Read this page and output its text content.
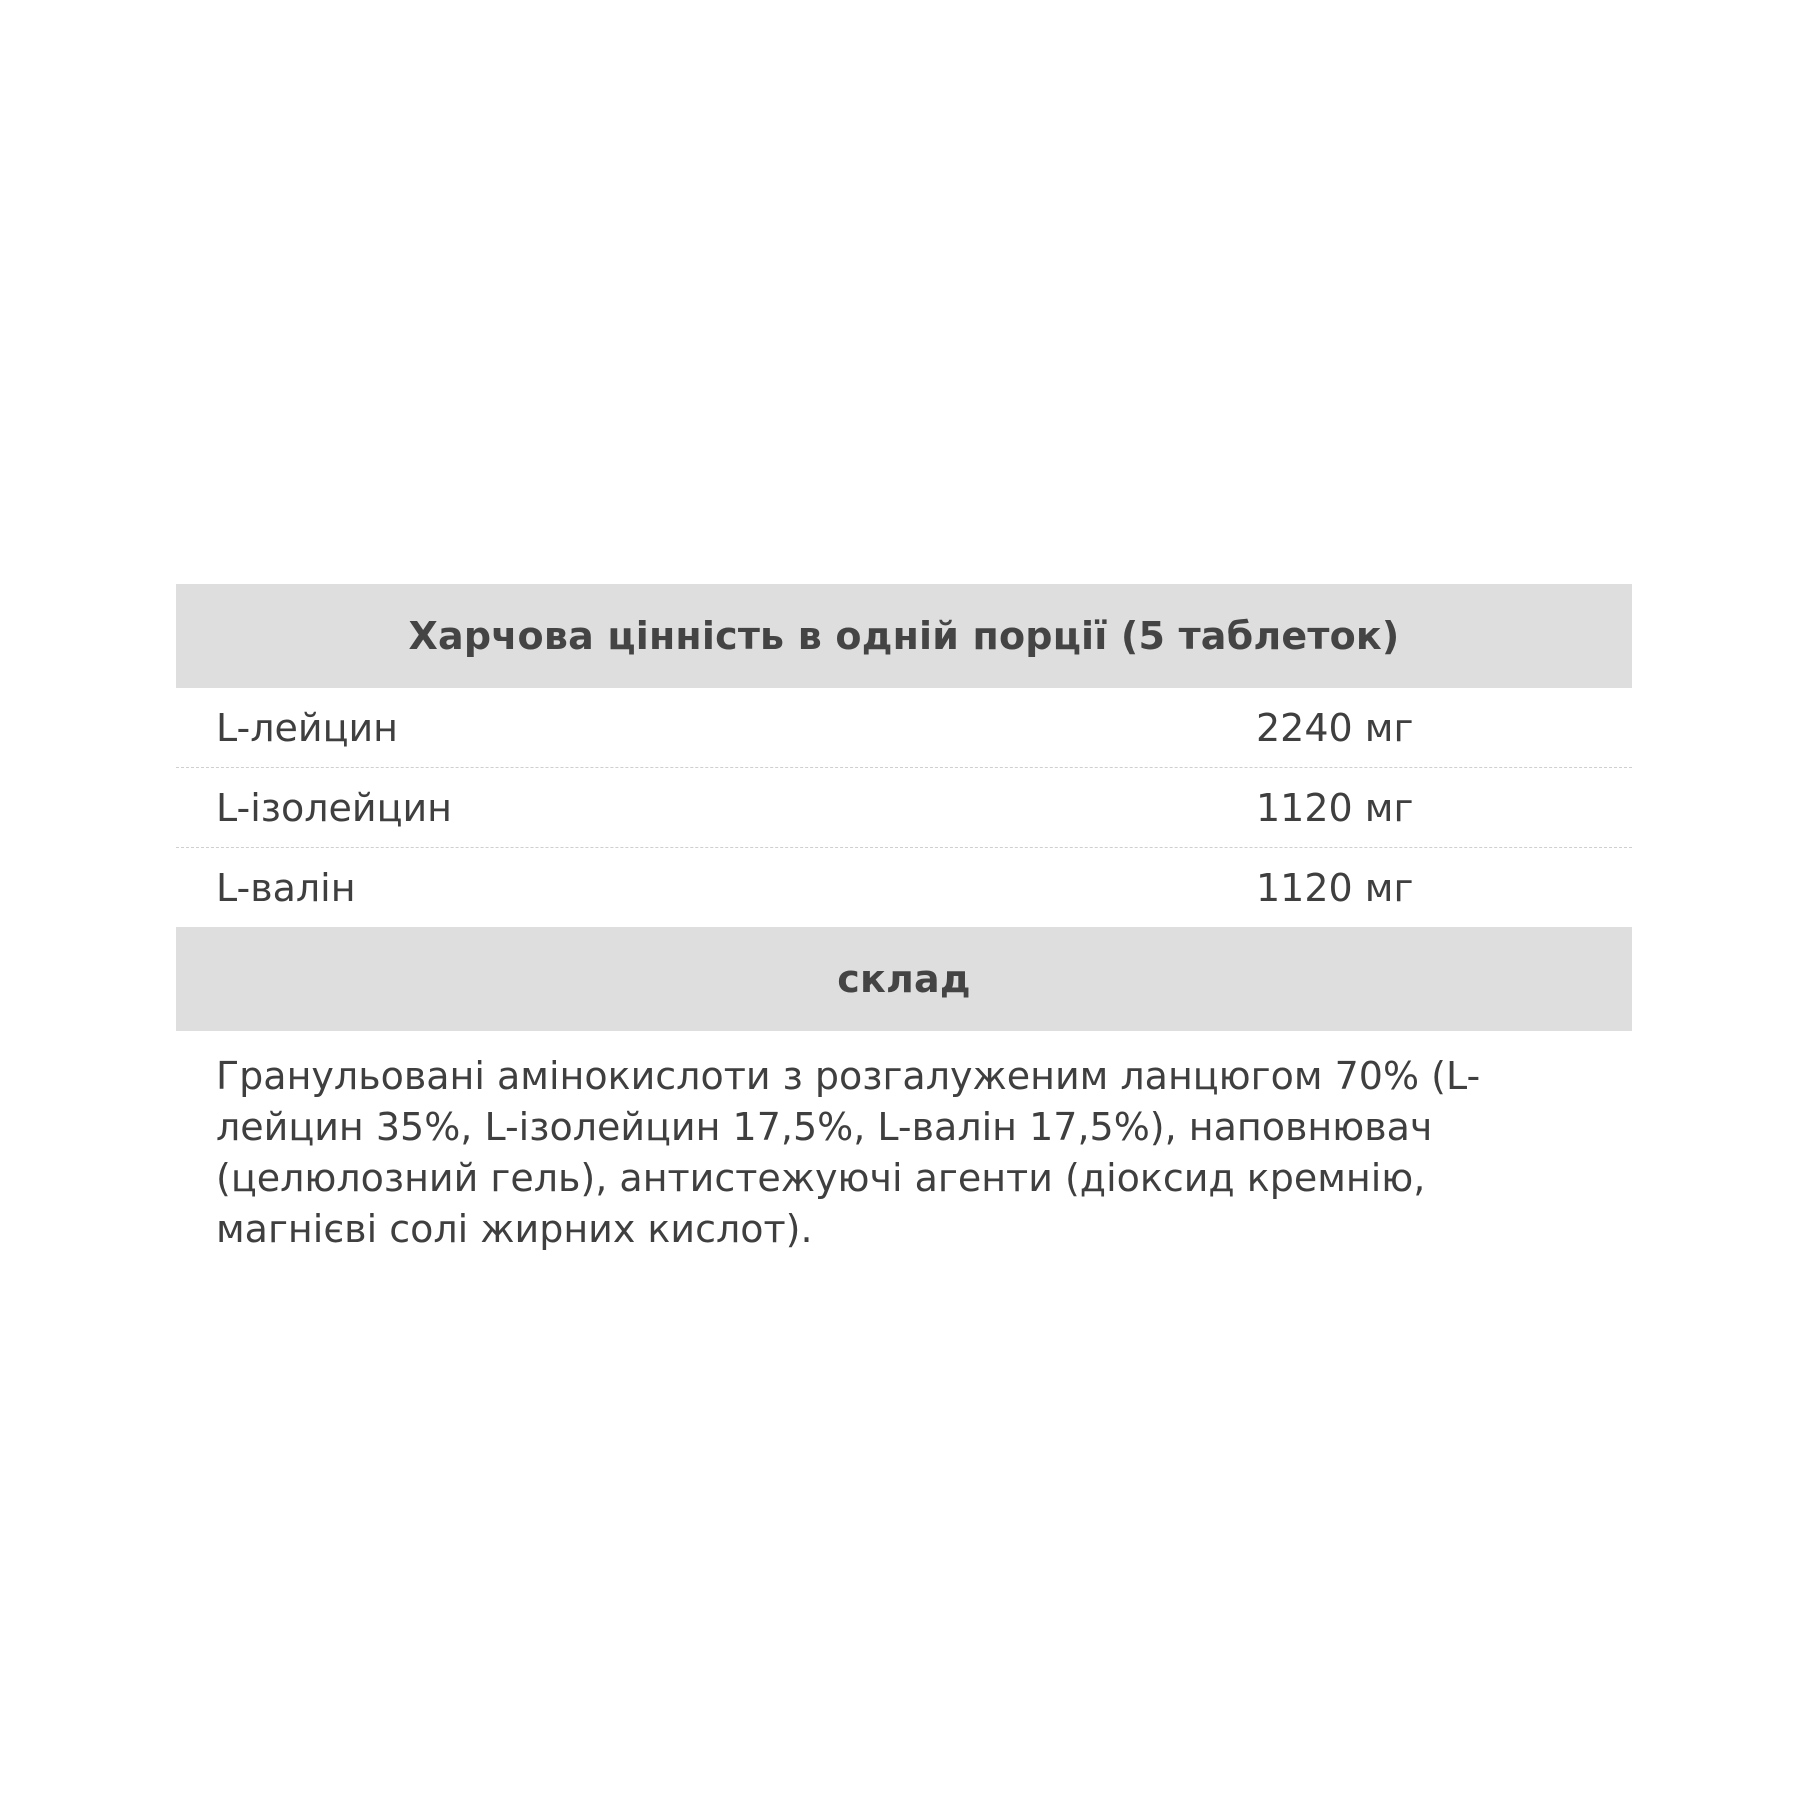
Харчова цінність в одній порції (5 таблеток)
L-лейцин	2240 мг
L-ізолейцин	1120 мг
L-валін	1120 мг
склад
Гранульовані амінокислоти з розгалуженим ланцюгом 70% (L-лейцин 35%, L-ізолейцин 17,5%, L-валін 17,5%), наповнювач (целюлозний гель), антистежуючі агенти (діоксид кремнію, магнієві солі жирних кислот).
